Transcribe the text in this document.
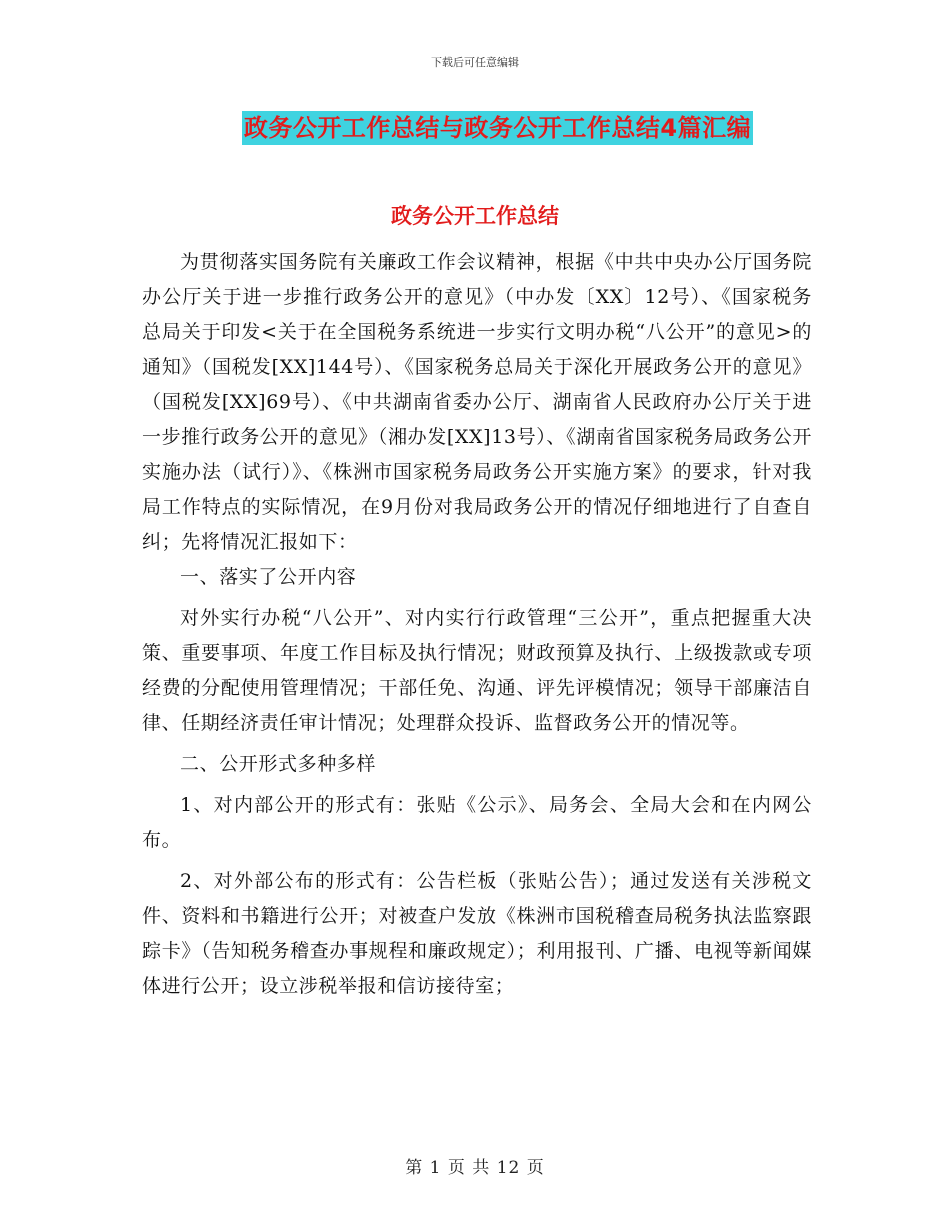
下载后可任意编辑
政务公开工作总结与政务公开工作总结4篇汇编
政务公开工作总结

为贯彻落实国务院有关廉政工作会议精神，根据《中共中央办公厅国务院办公厅关于进一步推行政务公开的意见》（中办发〔XX〕12号）、《国家税务总局关于印发<关于在全国税务系统进一步实行文明办税“八公开”的意见>的通知》（国税发[XX]144号）、《国家税务总局关于深化开展政务公开的意见》（国税发[XX]69号）、《中共湖南省委办公厅、湖南省人民政府办公厅关于进一步推行政务公开的意见》（湘办发[XX]13号）、《湖南省国家税务局政务公开实施办法（试行）》、《株洲市国家税务局政务公开实施方案》的要求，针对我局工作特点的实际情况，在9月份对我局政务公开的情况仔细地进行了自查自纠；先将情况汇报如下：

一、落实了公开内容

对外实行办税“八公开”、对内实行行政管理“三公开”，重点把握重大决策、重要事项、年度工作目标及执行情况；财政预算及执行、上级拨款或专项经费的分配使用管理情况；干部任免、沟通、评先评模情况；领导干部廉洁自律、任期经济责任审计情况；处理群众投诉、监督政务公开的情况等。

二、公开形式多种多样

1、对内部公开的形式有：张贴《公示》、局务会、全局大会和在内网公布。

2、对外部公布的形式有：公告栏板（张贴公告）；通过发送有关涉税文件、资料和书籍进行公开；对被查户发放《株洲市国税稽查局税务执法监察跟踪卡》（告知税务稽查办事规程和廉政规定）；利用报刊、广播、电视等新闻媒体进行公开；设立涉税举报和信访接待室；

第 1 页 共 12 页
